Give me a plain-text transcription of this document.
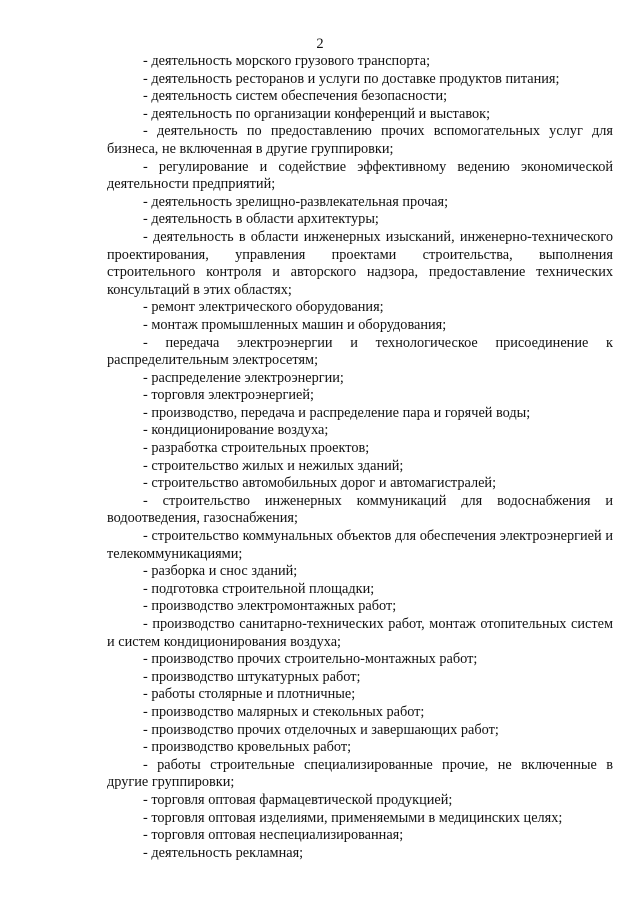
2

- деятельность морского грузового транспорта;

- деятельность ресторанов и услуги по доставке продуктов питания;

- деятельность систем обеспечения безопасности;

- деятельность по организации конференций и выставок;

- деятельность по предоставлению прочих вспомогательных услуг для бизнеса, не включенная в другие группировки;

- регулирование и содействие эффективному ведению экономической деятельности предприятий;

- деятельность зрелищно-развлекательная прочая;

- деятельность в области архитектуры;

- деятельность в области инженерных изысканий, инженерно-технического проектирования, управления проектами строительства, выполнения строительного контроля и авторского надзора, предоставление технических консультаций в этих областях;

- ремонт электрического оборудования;

- монтаж промышленных машин и оборудования;

- передача электроэнергии и технологическое присоединение к распределительным электросетям;

- распределение электроэнергии;

- торговля электроэнергией;

- производство, передача и распределение пара и горячей воды;

- кондиционирование воздуха;

- разработка строительных проектов;

- строительство жилых и нежилых зданий;

- строительство автомобильных дорог и автомагистралей;

- строительство инженерных коммуникаций для водоснабжения и водоотведения, газоснабжения;

- строительство коммунальных объектов для обеспечения электроэнергией и телекоммуникациями;

- разборка и снос зданий;

- подготовка строительной площадки;

- производство электромонтажных работ;

- производство санитарно-технических работ, монтаж отопительных систем и систем кондиционирования воздуха;

- производство прочих строительно-монтажных работ;

- производство штукатурных работ;

- работы столярные и плотничные;

- производство малярных и стекольных работ;

- производство прочих отделочных и завершающих работ;

- производство кровельных работ;

- работы строительные специализированные прочие, не включенные в другие группировки;

- торговля оптовая фармацевтической продукцией;

- торговля оптовая изделиями, применяемыми в медицинских целях;

- торговля оптовая неспециализированная;

- деятельность рекламная;
